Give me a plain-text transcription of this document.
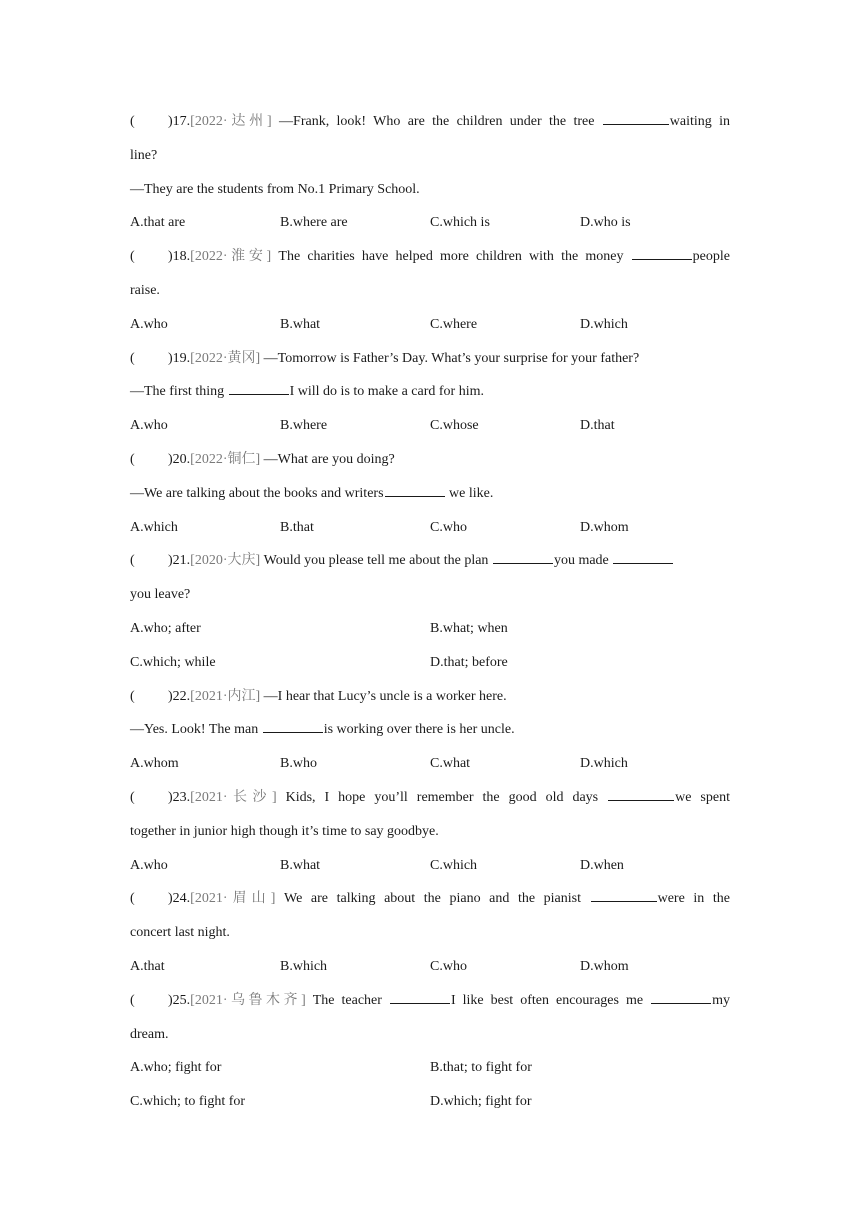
( )17.[2022·达州] —Frank, look! Who are the children under the tree	waiting in
line?
—They are the students from No.1 Primary School.
A.that are	B.where are	C.which is	D.who is
( )18.[2022·淮安] The charities have helped more children with the money	people
raise.
A.who	B.what	C.where	D.which
( )19.[2022·黄冈] —Tomorrow is Father’s Day. What’s your surprise for your father?
—The first thing	I will do is to make a card for him.
A.who	B.where	C.whose	D.that
( )20.[2022·铜仁] —What are you doing?
—We are talking about the books and writers	we like.
A.which	B.that	C.who	D.whom
( )21.[2020·大庆] Would you please tell me about the plan	you made
you leave?
A.who; after	B.what; when
C.which; while	D.that; before
( )22.[2021·内江] —I hear that Lucy’s uncle is a worker here.
—Yes. Look! The man	is working over there is her uncle.
A.whom	B.who	C.what	D.which
( )23.[2021·长沙] Kids, I hope you’ll remember the good old days	we spent
together in junior high though it’s time to say goodbye.
A.who	B.what	C.which	D.when
( )24.[2021·眉山] We are talking about the piano and the pianist	were in the
concert last night.
A.that	B.which	C.who	D.whom
( )25.[2021·乌鲁木齐] The teacher	I like best often encourages me	my
dream.
A.who; fight for	B.that; to fight for
C.which; to fight for	D.which; fight for
